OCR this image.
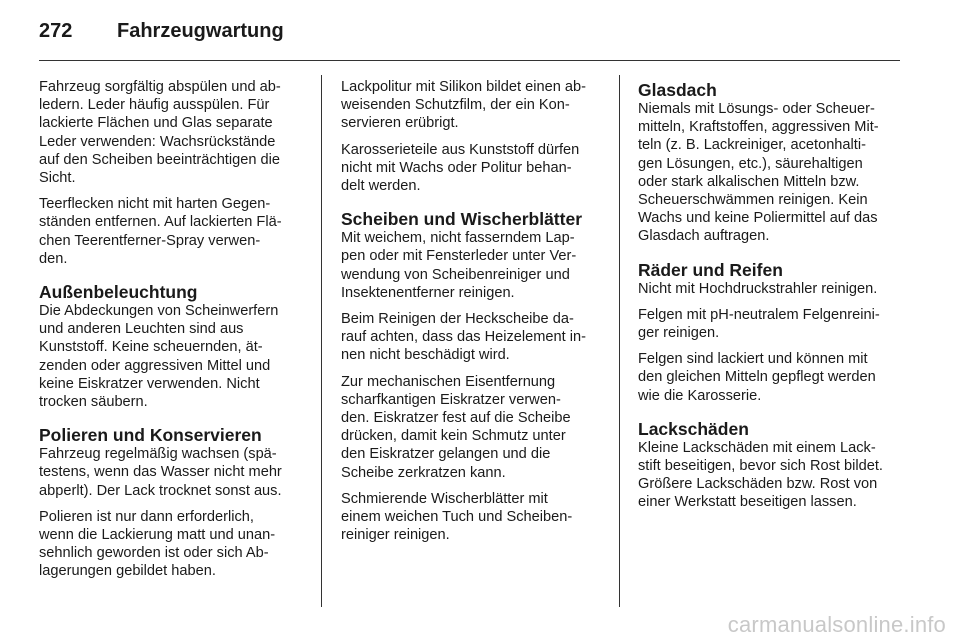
272 Fahrzeugwartung

Fahrzeug sorgfältig abspülen und ab-
ledern. Leder häufig ausspülen. Für
lackierte Flächen und Glas separate
Leder verwenden: Wachsrückstände
auf den Scheiben beeinträchtigen die
Sicht.

Teerflecken nicht mit harten Gegen-
ständen entfernen. Auf lackierten Flä-
chen Teerentferner-Spray verwen-
den.

Außenbeleuchtung

Die Abdeckungen von Scheinwerfern
und anderen Leuchten sind aus
Kunststoff. Keine scheuernden, ät-
zenden oder aggressiven Mittel und
keine Eiskratzer verwenden. Nicht
trocken säubern.

Polieren und Konservieren

Fahrzeug regelmäßig wachsen (spä-
testens, wenn das Wasser nicht mehr
abperlt). Der Lack trocknet sonst aus.

Polieren ist nur dann erforderlich,
wenn die Lackierung matt und unan-
sehnlich geworden ist oder sich Ab-
lagerungen gebildet haben.

Lackpolitur mit Silikon bildet einen ab-
weisenden Schutzfilm, der ein Kon-
servieren erübrigt.

Karosserieteile aus Kunststoff dürfen
nicht mit Wachs oder Politur behan-
delt werden.

Scheiben und Wischerblätter

Mit weichem, nicht fasserndem Lap-
pen oder mit Fensterleder unter Ver-
wendung von Scheibenreiniger und
Insektenentferner reinigen.

Beim Reinigen der Heckscheibe da-
rauf achten, dass das Heizelement in-
nen nicht beschädigt wird.

Zur mechanischen Eisentfernung
scharfkantigen Eiskratzer verwen-
den. Eiskratzer fest auf die Scheibe
drücken, damit kein Schmutz unter
den Eiskratzer gelangen und die
Scheibe zerkratzen kann.

Schmierende Wischerblätter mit
einem weichen Tuch und Scheiben-
reiniger reinigen.

Glasdach

Niemals mit Lösungs- oder Scheuer-
mitteln, Kraftstoffen, aggressiven Mit-
teln (z. B. Lackreiniger, acetonhalti-
gen Lösungen, etc.), säurehaltigen
oder stark alkalischen Mitteln bzw.
Scheuerschwämmen reinigen. Kein
Wachs und keine Poliermittel auf das
Glasdach auftragen.

Räder und Reifen

Nicht mit Hochdruckstrahler reinigen.

Felgen mit pH-neutralem Felgenreini-
ger reinigen.

Felgen sind lackiert und können mit
den gleichen Mitteln gepflegt werden
wie die Karosserie.

Lackschäden

Kleine Lackschäden mit einem Lack-
stift beseitigen, bevor sich Rost bildet.
Größere Lackschäden bzw. Rost von
einer Werkstatt beseitigen lassen.

carmanualsonline.info
